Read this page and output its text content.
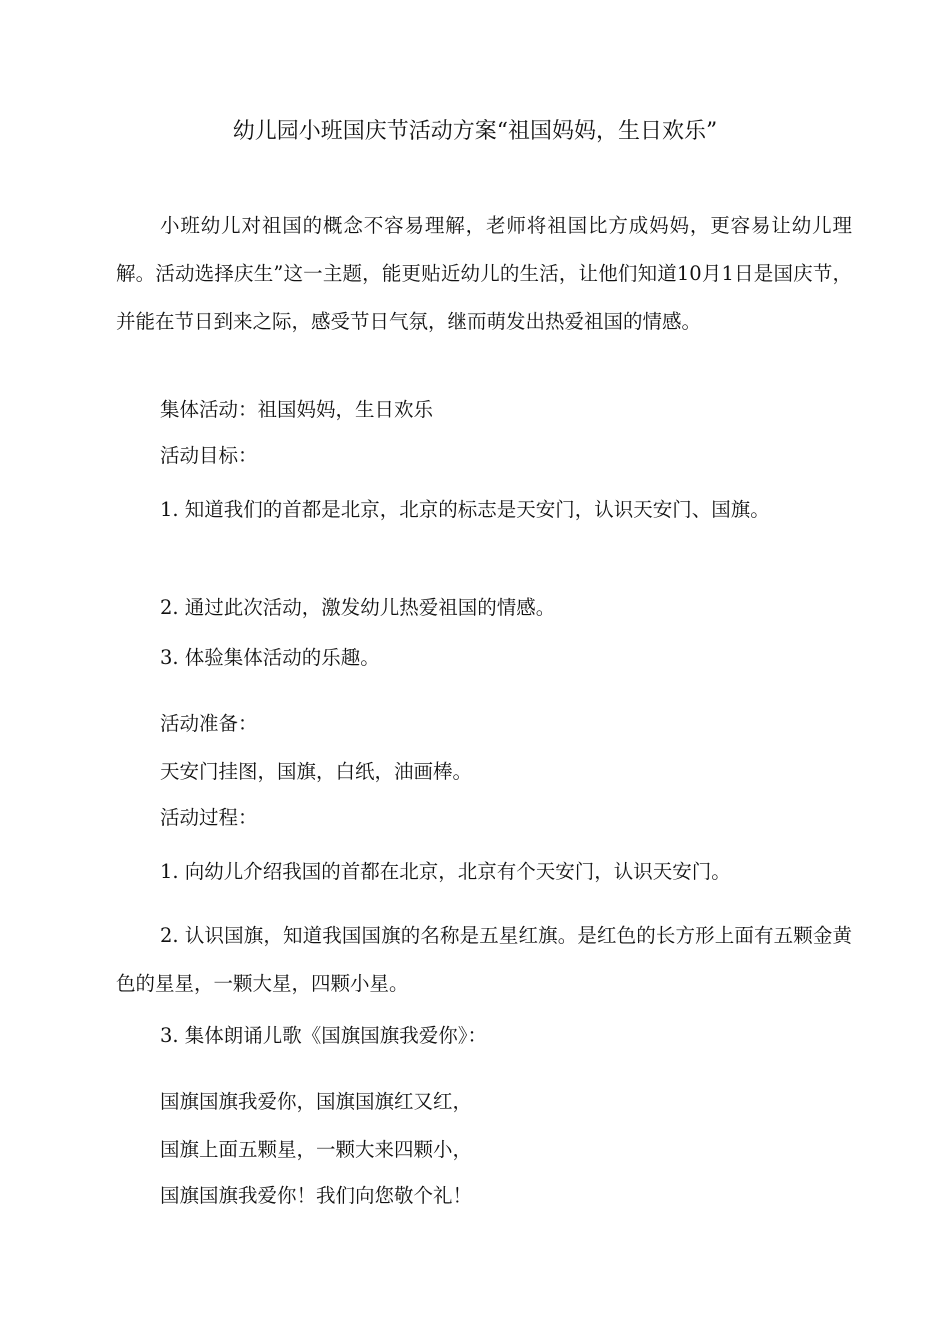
幼儿园小班国庆节活动方案“祖国妈妈，生日欢乐”

小班幼儿对祖国的概念不容易理解，老师将祖国比方成妈妈，更容易让幼儿理解。活动选择庆生”这一主题，能更贴近幼儿的生活，让他们知道10月1日是国庆节，并能在节日到来之际，感受节日气氛，继而萌发出热爱祖国的情感。

集体活动：祖国妈妈，生日欢乐

活动目标：

1. 知道我们的首都是北京，北京的标志是天安门，认识天安门、国旗。

2. 通过此次活动，激发幼儿热爱祖国的情感。

3. 体验集体活动的乐趣。

活动准备：

天安门挂图，国旗，白纸，油画棒。

活动过程：

1. 向幼儿介绍我国的首都在北京，北京有个天安门，认识天安门。

2. 认识国旗，知道我国国旗的名称是五星红旗。是红色的长方形上面有五颗金黄色的星星，一颗大星，四颗小星。

3. 集体朗诵儿歌《国旗国旗我爱你》：

国旗国旗我爱你，国旗国旗红又红，

国旗上面五颗星，一颗大来四颗小，

国旗国旗我爱你！我们向您敬个礼！
